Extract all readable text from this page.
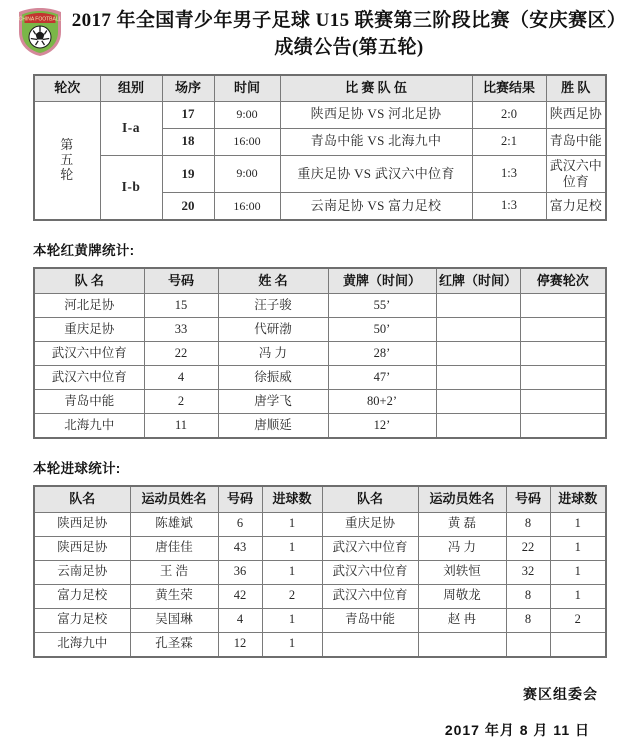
CHINA FOOTBALL 2017 年全国青少年男子足球 U15 联赛第三阶段比赛（安庆赛区）
成绩公告(第五轮)
轮次	组别	场序	时间	比 赛 队 伍	比赛结果	胜 队

第
五
轮	I-a	17	9:00	陕西足协 VS 河北足协	2:0	陕西足协
		18	16:00	青岛中能 VS 北海九中	2:1	青岛中能
	I-b	19	9:00	重庆足协 VS 武汉六中位育	1:3	武汉六中位育
		20	16:00	云南足协 VS 富力足校	1:3	富力足校
本轮红黄牌统计:
队 名	号码	姓 名	黄牌（时间）	红牌（时间）	停赛轮次
河北足协	15	汪子骏	55’		
重庆足协	33	代研渤	50’		
武汉六中位育	22	冯 力	28’		
武汉六中位育	4	徐振威	47’		
青岛中能	2	唐学飞	80+2’		
北海九中	11	唐顺延	12’		
本轮进球统计:
队名	运动员姓名	号码	进球数	队名	运动员姓名	号码	进球数
陕西足协	陈雄斌	6	1	重庆足协	黄 磊	8	1
陕西足协	唐佳佳	43	1	武汉六中位育	冯 力	22	1
云南足协	王 浩	36	1	武汉六中位育	刘轶恒	32	1
富力足校	黄生荣	42	2	武汉六中位育	周敬龙	8	1
富力足校	吴国琳	4	1	青岛中能	赵 冉	8	2
北海九中	孔圣霖	12	1				
赛区组委会
2017 年月 8 月 11 日
